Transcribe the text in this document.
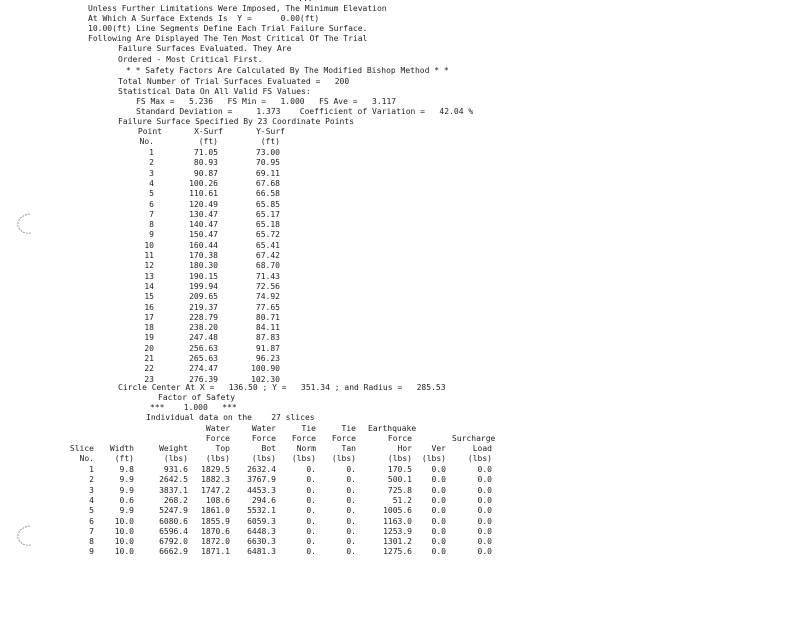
Unless Further Limitations Were Imposed, The Minimum Elevation
At Which A Surface Extends Is  Y =      0.00(ft)
10.00(ft) Line Segments Define Each Trial Failure Surface.
Following Are Displayed The Ten Most Critical Of The Trial
Failure Surfaces Evaluated. They Are
Ordered - Most Critical First.
* * Safety Factors Are Calculated By The Modified Bishop Method * *
Total Number of Trial Surfaces Evaluated =   200
Statistical Data On All Valid FS Values:
FS Max =   5.236   FS Min =   1.000   FS Ave =   3.117
Standard Deviation =     1.373    Coefficient of Variation =   42.04 %
Failure Surface Specified By 23 Coordinate Points
Point	X-Surf	Y-Surf
No.	(ft)	(ft)
1	71.05	73.00
2	80.93	70.95
3	90.87	69.11
4	100.26	67.68
5	110.61	66.58
6	120.49	65.85
7	130.47	65.17
8	140.47	65.18
9	150.47	65.72
10	160.44	65.41
11	170.38	67.42
12	180.30	68.70
13	190.15	71.43
14	199.94	72.56
15	209.65	74.92
16	219.37	77.65
17	228.79	80.71
18	238.20	84.11
19	247.48	87.83
20	256.63	91.87
21	265.63	96.23
22	274.47	100.90
23	276.39	102.30
Circle Center At X =   136.50 ; Y =   351.34 ; and Radius =   285.53
Factor of Safety
***    1.000   ***
Individual data on the    27 slices
Water	Water	Tie	Tie Earthquake
Force	Force	Force	Force	Force	Surcharge
Slice	Width	Weight	Top	Bot	Norm	Tan	Hor	Ver	Load
No.	(ft)	(lbs)	(lbs)	(lbs)	(lbs)	(lbs)	(lbs)	(lbs)	(lbs)
1	9.8	931.6	1829.5	2632.4	0.	0.	170.5	0.0	0.0
2	9.9	2642.5	1882.3	3767.9	0.	0.	500.1	0.0	0.0
3	9.9	3837.1	1747.2	4453.3	0.	0.	725.8	0.0	0.0
4	0.6	268.2	108.6	294.6	0.	0.	51.2	0.0	0.0
5	9.9	5247.9	1861.0	5532.1	0.	0.	1005.6	0.0	0.0
6	10.0	6080.6	1855.9	6059.3	0.	0.	1163.0	0.0	0.0
7	10.0	6596.4	1870.6	6448.3	0.	0.	1253.9	0.0	0.0
8	10.0	6792.0	1872.0	6630.3	0.	0.	1301.2	0.0	0.0
9	10.0	6662.9	1871.1	6481.3	0.	0.	1275.6	0.0	0.0
